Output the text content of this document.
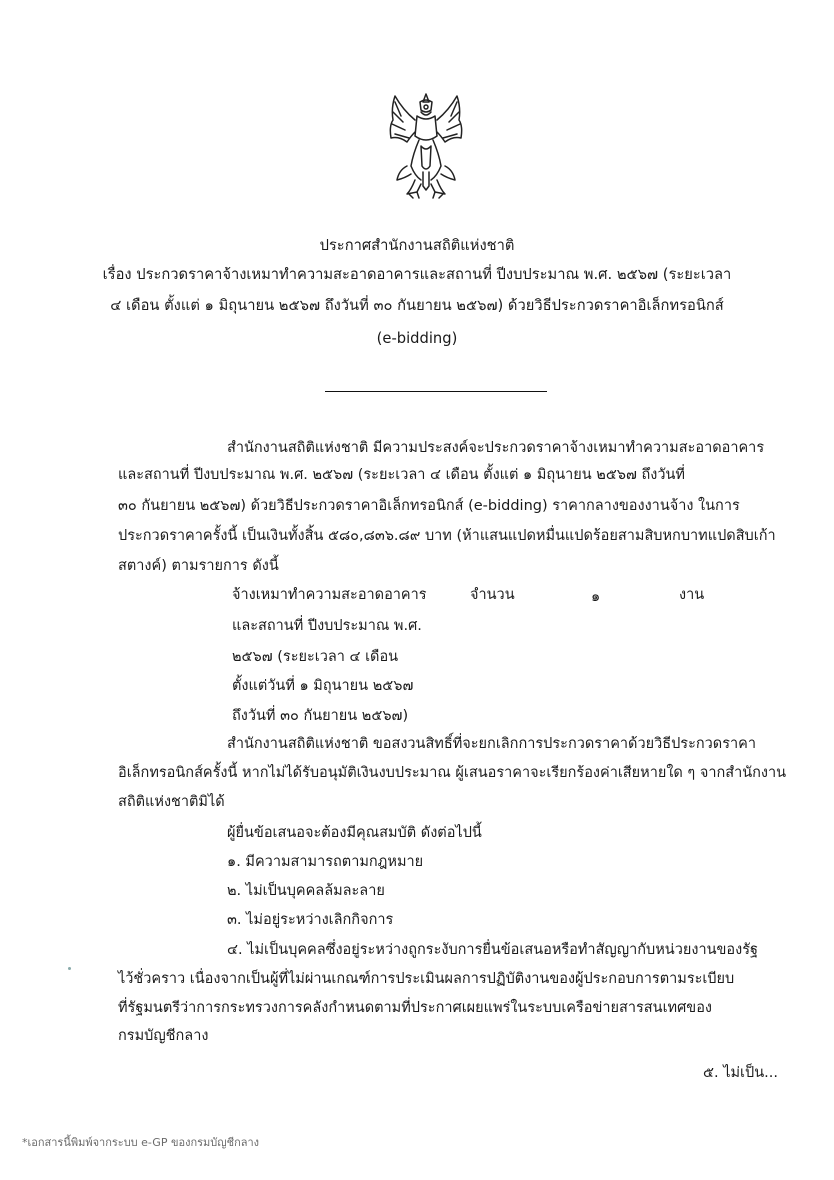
ประกาศสำนักงานสถิติแห่งชาติ
เรื่อง ประกวดราคาจ้างเหมาทำความสะอาดอาคารและสถานที่ ปีงบประมาณ พ.ศ. ๒๕๖๗ (ระยะเวลา
๔ เดือน ตั้งแต่ ๑ มิถุนายน ๒๕๖๗ ถึงวันที่ ๓๐ กันยายน ๒๕๖๗) ด้วยวิธีประกวดราคาอิเล็กทรอนิกส์
(e-bidding)
สำนักงานสถิติแห่งชาติ มีความประสงค์จะประกวดราคาจ้างเหมาทำความสะอาดอาคาร
และสถานที่ ปีงบประมาณ พ.ศ. ๒๕๖๗ (ระยะเวลา ๔ เดือน ตั้งแต่ ๑ มิถุนายน ๒๕๖๗ ถึงวันที่
๓๐ กันยายน ๒๕๖๗) ด้วยวิธีประกวดราคาอิเล็กทรอนิกส์ (e-bidding) ราคากลางของงานจ้าง ในการ
ประกวดราคาครั้งนี้ เป็นเงินทั้งสิ้น ๕๘๐,๘๓๖.๘๙ บาท (ห้าแสนแปดหมื่นแปดร้อยสามสิบหกบาทแปดสิบเก้า
สตางค์) ตามรายการ ดังนี้
จ้างเหมาทำความสะอาดอาคาร	จำนวน	๑	งาน
และสถานที่ ปีงบประมาณ พ.ศ.
๒๕๖๗ (ระยะเวลา ๔ เดือน
ตั้งแต่วันที่ ๑ มิถุนายน ๒๕๖๗
ถึงวันที่ ๓๐ กันยายน ๒๕๖๗)
สำนักงานสถิติแห่งชาติ ขอสงวนสิทธิ์ที่จะยกเลิกการประกวดราคาด้วยวิธีประกวดราคา
อิเล็กทรอนิกส์ครั้งนี้ หากไม่ได้รับอนุมัติเงินงบประมาณ ผู้เสนอราคาจะเรียกร้องค่าเสียหายใด ๆ จากสำนักงาน
สถิติแห่งชาติมิได้
ผู้ยื่นข้อเสนอจะต้องมีคุณสมบัติ ดังต่อไปนี้
๑. มีความสามารถตามกฎหมาย
๒. ไม่เป็นบุคคลล้มละลาย
๓. ไม่อยู่ระหว่างเลิกกิจการ
๔. ไม่เป็นบุคคลซึ่งอยู่ระหว่างถูกระงับการยื่นข้อเสนอหรือทำสัญญากับหน่วยงานของรัฐ
ไว้ชั่วคราว เนื่องจากเป็นผู้ที่ไม่ผ่านเกณฑ์การประเมินผลการปฏิบัติงานของผู้ประกอบการตามระเบียบ
ที่รัฐมนตรีว่าการกระทรวงการคลังกำหนดตามที่ประกาศเผยแพร่ในระบบเครือข่ายสารสนเทศของ
กรมบัญชีกลาง
๕. ไม่เป็น...
*เอกสารนี้พิมพ์จากระบบ e-GP ของกรมบัญชีกลาง
